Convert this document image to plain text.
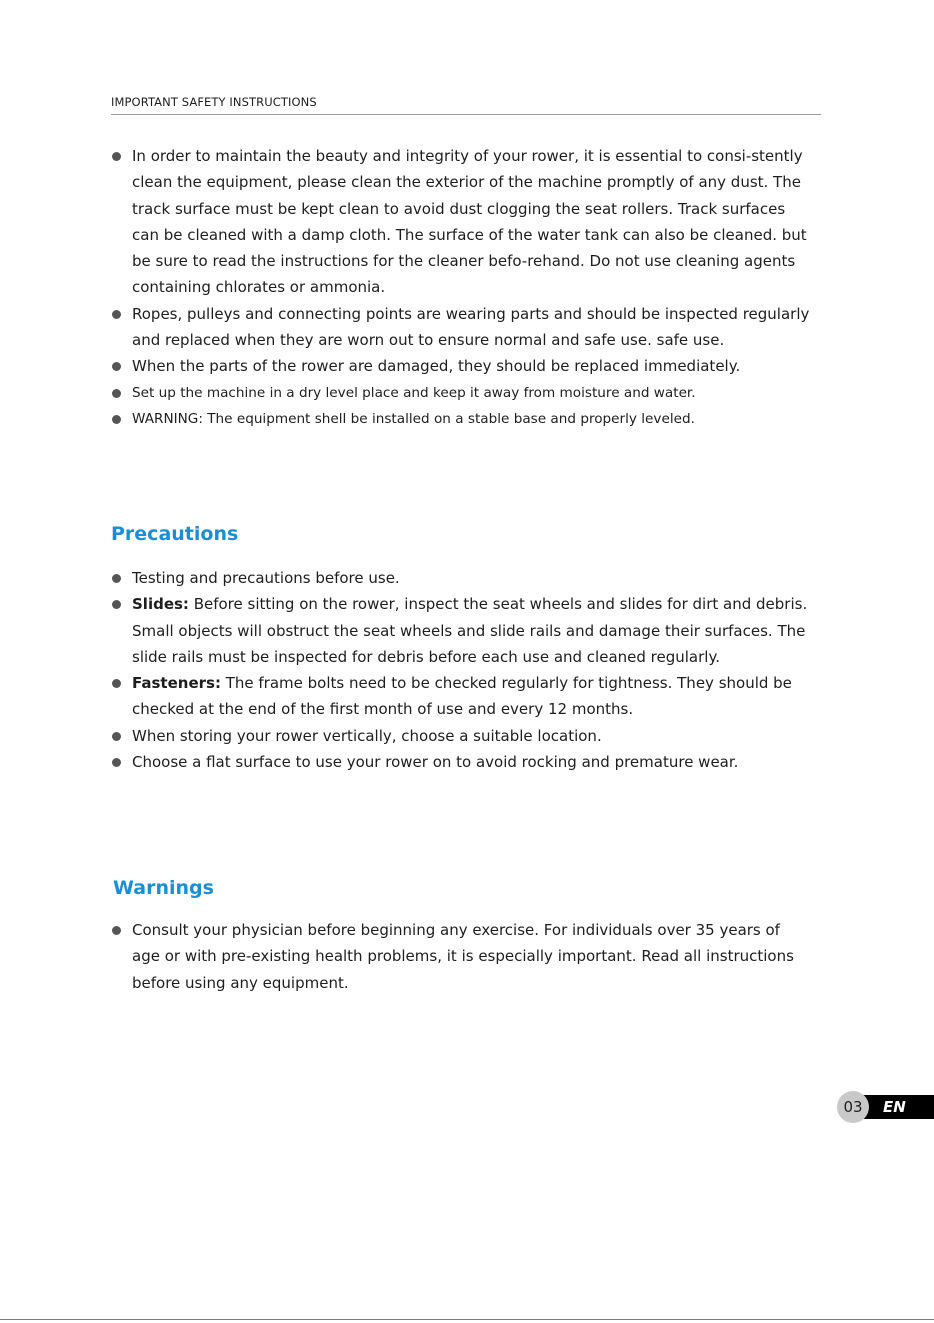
IMPORTANT SAFETY INSTRUCTIONS
In order to maintain the beauty and integrity of your rower, it is essential to consi-stently clean the equipment, please clean the exterior of the machine promptly of any dust. The track surface must be kept clean to avoid dust clogging the seat rollers. Track surfaces can be cleaned with a damp cloth. The surface of the water tank can also be cleaned. but be sure to read the instructions for the cleaner befo-rehand. Do not use cleaning agents containing chlorates or ammonia.
Ropes, pulleys and connecting points are wearing parts and should be inspected regularly and replaced when they are worn out to ensure normal and safe use. safe use.
When the parts of the rower are damaged, they should be replaced immediately.
Set up the machine in a dry level place and keep it away from moisture and water.
WARNING: The equipment shell be installed on a stable base and properly leveled.
Precautions
Testing and precautions before use.
Slides: Before sitting on the rower, inspect the seat wheels and slides for dirt and debris. Small objects will obstruct the seat wheels and slide rails and damage their surfaces. The slide rails must be inspected for debris before each use and cleaned regularly.
Fasteners: The frame bolts need to be checked regularly for tightness. They should be checked at the end of the first month of use and every 12 months.
When storing your rower vertically, choose a suitable location.
Choose a flat surface to use your rower on to avoid rocking and premature wear.
Warnings
Consult your physician before beginning any exercise. For individuals over 35 years of age or with pre-existing health problems, it is especially important. Read all instructions before using any equipment.
EN
03
